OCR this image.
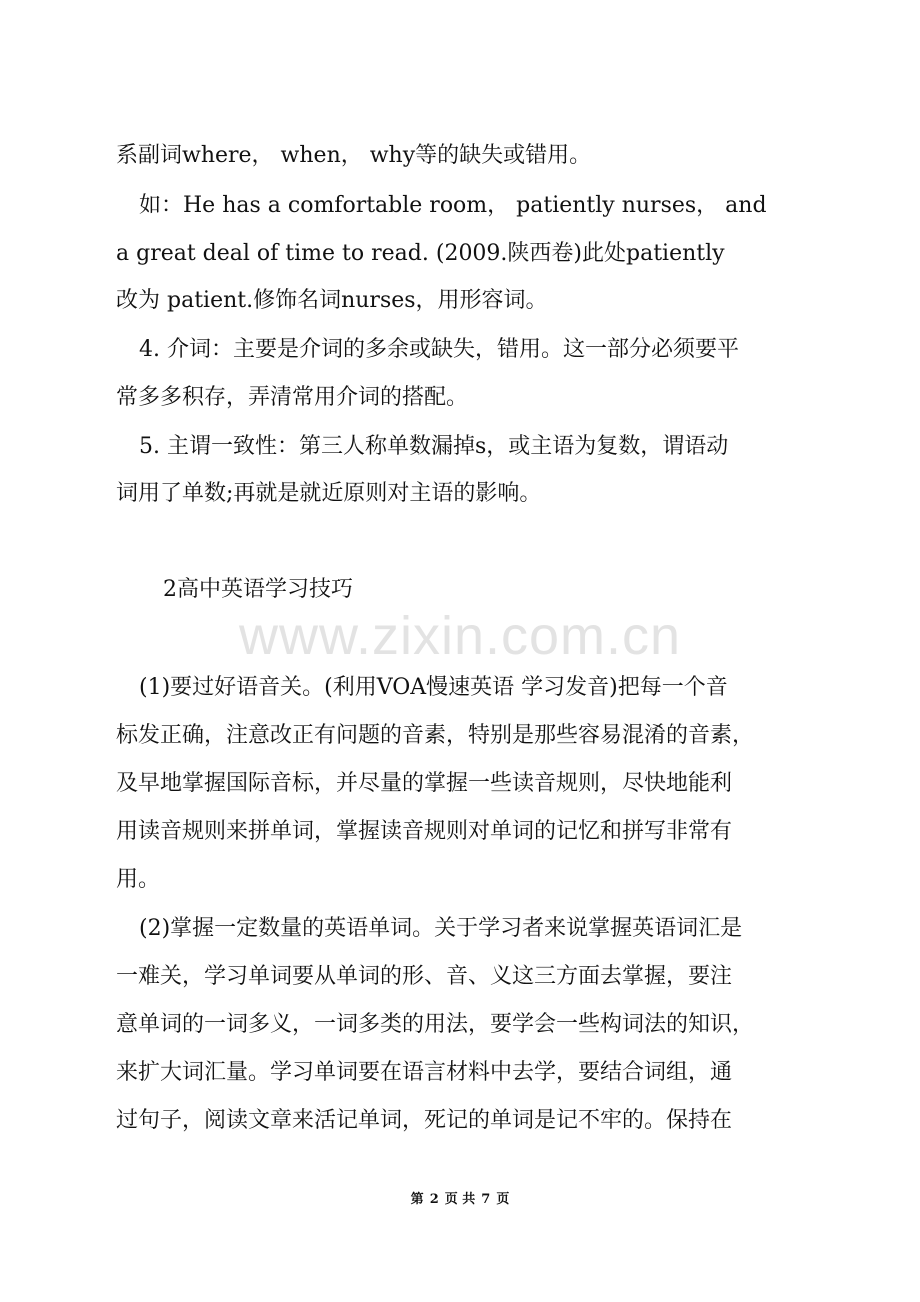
系副词where， when， why等的缺失或错用。
如：He has a comfortable room， patiently nurses， and
a great deal of time to read. (2009.陕西卷)此处patiently
改为 patient.修饰名词nurses，用形容词。
4. 介词：主要是介词的多余或缺失，错用。这一部分必须要平
常多多积存，弄清常用介词的搭配。
5. 主谓一致性：第三人称单数漏掉s，或主语为复数，谓语动
词用了单数;再就是就近原则对主语的影响。
2高中英语学习技巧
www.zixin.com.cn
(1)要过好语音关。(利用VOA慢速英语 学习发音)把每一个音
标发正确，注意改正有问题的音素，特别是那些容易混淆的音素，
及早地掌握国际音标，并尽量的掌握一些读音规则，尽快地能利
用读音规则来拼单词，掌握读音规则对单词的记忆和拼写非常有
用。
(2)掌握一定数量的英语单词。关于学习者来说掌握英语词汇是
一难关，学习单词要从单词的形、音、义这三方面去掌握，要注
意单词的一词多义，一词多类的用法，要学会一些构词法的知识，
来扩大词汇量。学习单词要在语言材料中去学，要结合词组，通
过句子，阅读文章来活记单词，死记的单词是记不牢的。保持在
第 2 页 共 7 页
